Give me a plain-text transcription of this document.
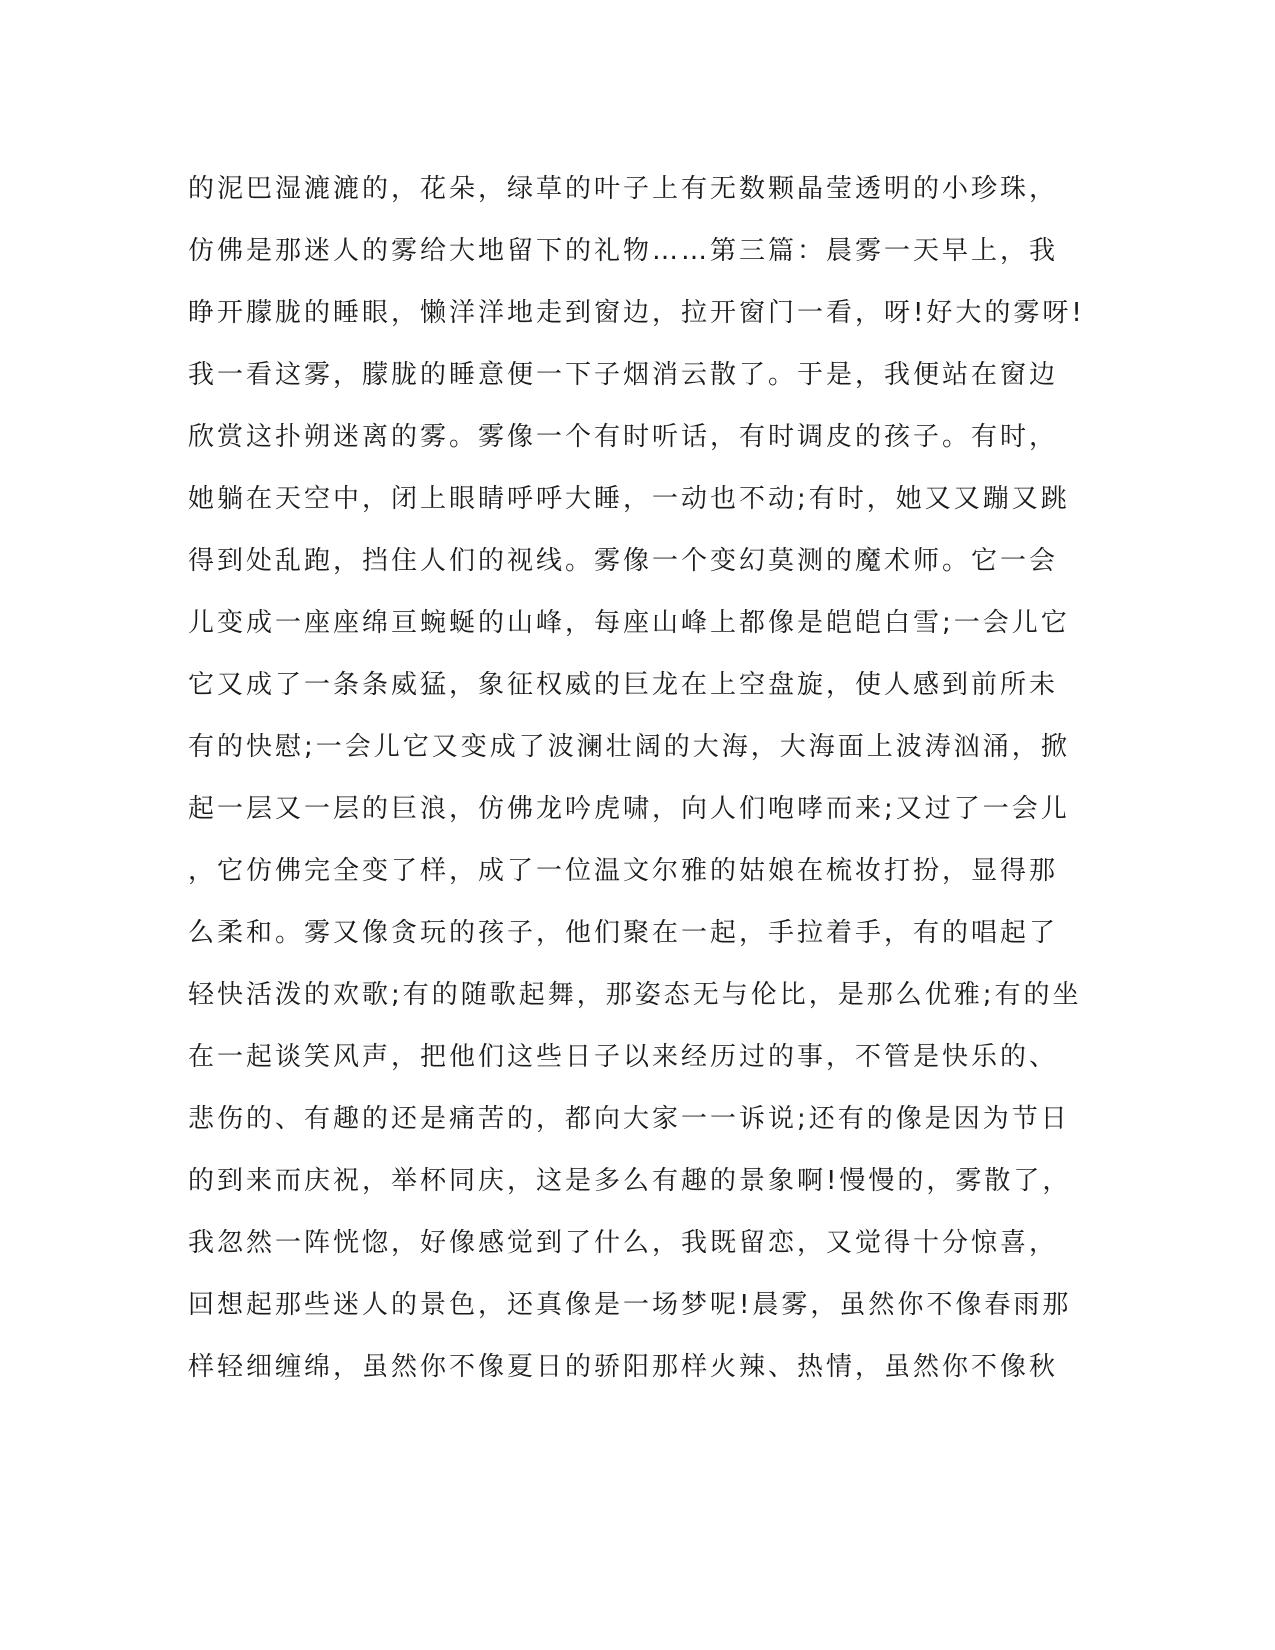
的泥巴湿漉漉的，花朵，绿草的叶子上有无数颗晶莹透明的小珍珠，
仿佛是那迷人的雾给大地留下的礼物……第三篇：晨雾一天早上，我
睁开朦胧的睡眼，懒洋洋地走到窗边，拉开窗门一看，呀!好大的雾呀!
我一看这雾，朦胧的睡意便一下子烟消云散了。于是，我便站在窗边
欣赏这扑朔迷离的雾。雾像一个有时听话，有时调皮的孩子。有时，
她躺在天空中，闭上眼睛呼呼大睡，一动也不动;有时，她又又蹦又跳
得到处乱跑，挡住人们的视线。雾像一个变幻莫测的魔术师。它一会
儿变成一座座绵亘蜿蜒的山峰，每座山峰上都像是皑皑白雪;一会儿它
它又成了一条条威猛，象征权威的巨龙在上空盘旋，使人感到前所未
有的快慰;一会儿它又变成了波澜壮阔的大海，大海面上波涛汹涌，掀
起一层又一层的巨浪，仿佛龙吟虎啸，向人们咆哮而来;又过了一会儿
，它仿佛完全变了样，成了一位温文尔雅的姑娘在梳妆打扮，显得那
么柔和。雾又像贪玩的孩子，他们聚在一起，手拉着手，有的唱起了
轻快活泼的欢歌;有的随歌起舞，那姿态无与伦比，是那么优雅;有的坐
在一起谈笑风声，把他们这些日子以来经历过的事，不管是快乐的、
悲伤的、有趣的还是痛苦的，都向大家一一诉说;还有的像是因为节日
的到来而庆祝，举杯同庆，这是多么有趣的景象啊!慢慢的，雾散了，
我忽然一阵恍惚，好像感觉到了什么，我既留恋，又觉得十分惊喜，
回想起那些迷人的景色，还真像是一场梦呢!晨雾，虽然你不像春雨那
样轻细缠绵，虽然你不像夏日的骄阳那样火辣、热情，虽然你不像秋
